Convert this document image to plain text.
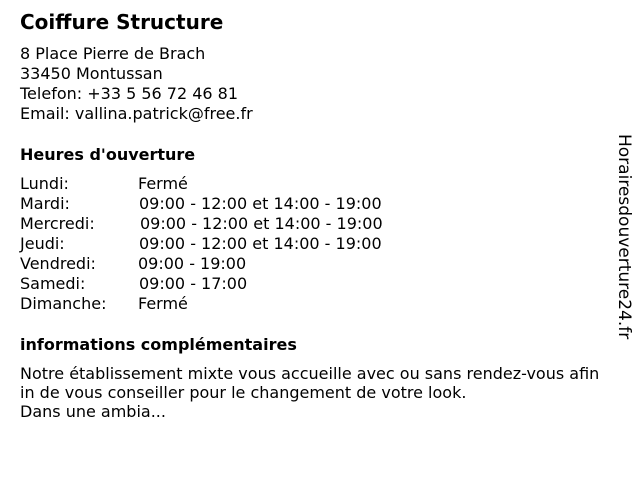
Coiffure Structure
8 Place Pierre de Brach
33450 Montussan
Telefon: +33 5 56 72 46 81
Email: vallina.patrick@free.fr
Heures d'ouverture
Lundi:	Fermé
Mardi:	09:00 - 12:00 et 14:00 - 19:00
Mercredi:	09:00 - 12:00 et 14:00 - 19:00
Jeudi:	09:00 - 12:00 et 14:00 - 19:00
Vendredi:	09:00 - 19:00
Samedi:	09:00 - 17:00
Dimanche: Fermé
informations complémentaires
Notre établissement mixte vous accueille avec ou sans rendez-vous afin
in de vous conseiller pour le changement de votre look.
Dans une ambia...
Horairesdouverture24.fr
